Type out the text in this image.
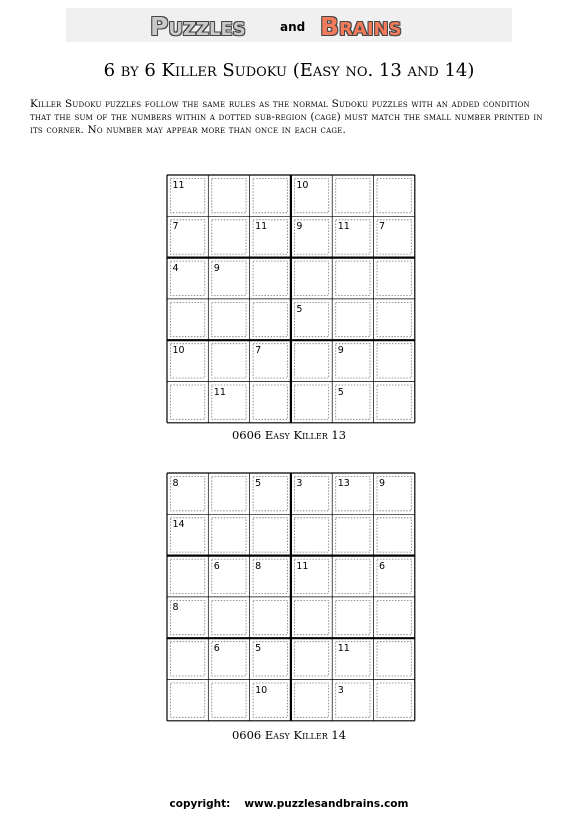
Puzzles	and Brains
6 by 6 Killer Sudoku (Easy no. 13 and 14)
Killer Sudoku puzzles follow the same rules as the normal Sudoku puzzles with an added condition that the sum of the numbers within a dotted sub-region (cage) must match the small number printed in its corner. No number may appear more than once in each cage.
11	10
7	11	9	11	7
4	9
5
10	7	9
11	5
0606 Easy Killer 13
8	5	3	13	9
14
6	8	11	6
8
6	5	11
10	3
0606 Easy Killer 14
copyright: www.puzzlesandbrains.com
